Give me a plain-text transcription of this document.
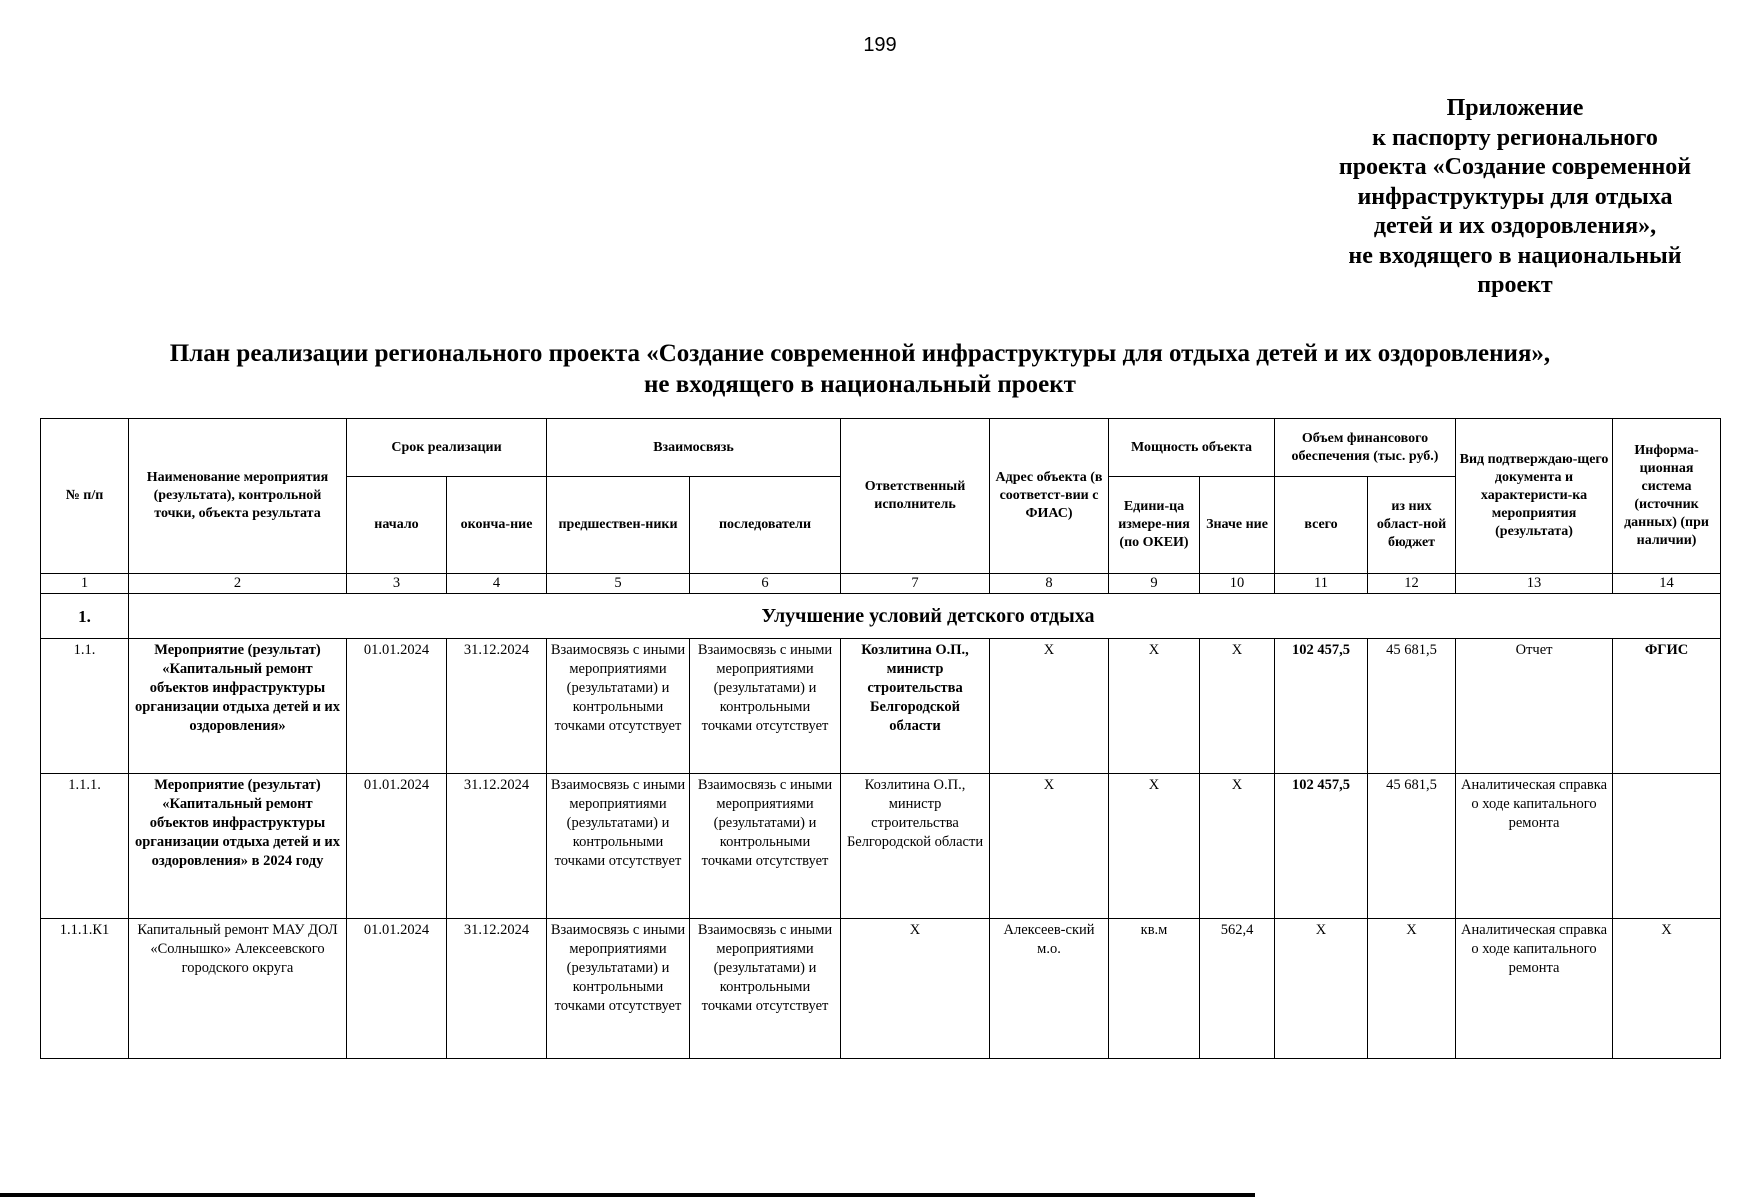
199
Приложение
к паспорту регионального
проекта «Создание современной
инфраструктуры для отдыха
детей и их оздоровления»,
не входящего в национальный
проект
План реализации регионального проекта «Создание современной инфраструктуры для отдыха детей и их оздоровления»,
не входящего в национальный проект
№ п/п	Наименование мероприятия (результата), контрольной точки, объекта результата	Срок реализации		Взаимосвязь		Ответственный исполнитель	Адрес объекта (в соответст-вии с ФИАС)	Мощность объекта		Объем финансового обеспечения (тыс. руб.)		Вид подтверждаю-щего документа и характеристи-ка мероприятия (результата)	Информа-ционная система (источник данных) (при наличии)
		начало	оконча-ние	предшествен-ники	последователи			Едини-ца измере-ния (по ОКЕИ)	Значе ние	всего	из них област-ной бюджет		
1	2	3	4	5	6	7	8	9	10	11	12	13	14
1.	Улучшение условий детского отдыха												
1.1.	Мероприятие (результат) «Капитальный ремонт объектов инфраструктуры организации отдыха детей и их оздоровления»	01.01.2024	31.12.2024	Взаимосвязь с иными мероприятиями (результатами) и контрольными точками отсутствует	Взаимосвязь с иными мероприятиями (результатами) и контрольными точками отсутствует	Козлитина О.П., министр строительства Белгородской области	Х	Х	Х	102 457,5	45 681,5	Отчет	ФГИС
1.1.1.	Мероприятие (результат) «Капитальный ремонт объектов инфраструктуры организации отдыха детей и их оздоровления» в 2024 году	01.01.2024	31.12.2024	Взаимосвязь с иными мероприятиями (результатами) и контрольными точками отсутствует	Взаимосвязь с иными мероприятиями (результатами) и контрольными точками отсутствует	Козлитина О.П., министр строительства Белгородской области	Х	Х	Х	102 457,5	45 681,5	Аналитическая справка о ходе капитального ремонта	
1.1.1.К1	Капитальный ремонт МАУ ДОЛ «Солнышко» Алексеевского городского округа	01.01.2024	31.12.2024	Взаимосвязь с иными мероприятиями (результатами) и контрольными точками отсутствует	Взаимосвязь с иными мероприятиями (результатами) и контрольными точками отсутствует	Х	Алексеев-ский м.о.	кв.м	562,4	Х	Х	Аналитическая справка о ходе капитального ремонта	Х
